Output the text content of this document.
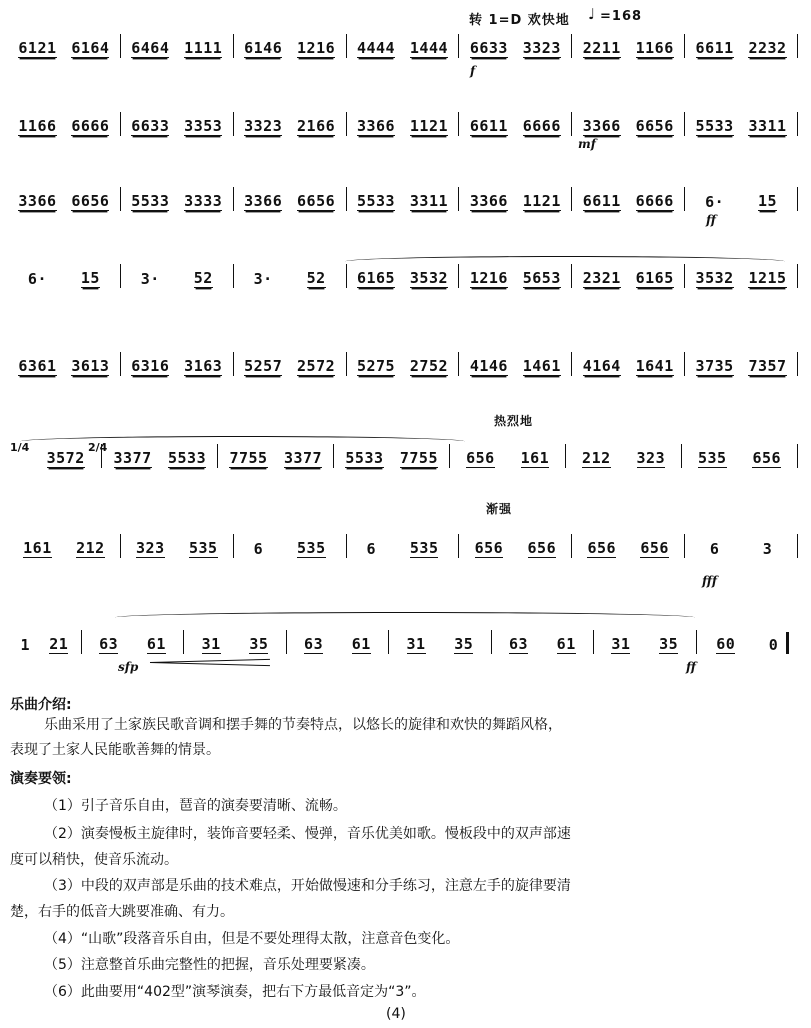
转 1=D 欢快地 ♩ =168
6121 6164 6464 1111 6146 1216 4444 1444 6633 3323 2211 1166 6611 2232
f
1166 6666 6633 3353 3323 2166 3366 1121 6611 6666 3366 6656 5533 3311
mf
3366 6656 5533 3333 3366 6656 5533 3311 3366 1121 6611 6666 6· 15
ff
6· 15	3· 52	3· 52 6165 3532 1216 5653 2321 6165 3532 1215
6361 3613 6316 3163 5257 2572 5275 2752 4146 1461 4164 1641 3735 7357
热烈地
1/4	2/4
3572 3377 5533 7755 3377 5533 7755 656 161 212 323 535 656
渐强
161 212 323 535 6 535	6 535 656 656 656 656	6	3
fff
1 21 63 61 31 35 63 61 31 35 63 61 31 35	60 0
sfp	ff
乐曲介绍:
乐曲采用了土家族民歌音调和摆手舞的节奏特点，以悠长的旋律和欢快的舞蹈风格，
表现了土家人民能歌善舞的情景。
演奏要领:
（1）引子音乐自由，琶音的演奏要清晰、流畅。
（2）演奏慢板主旋律时，装饰音要轻柔、慢弹，音乐优美如歌。慢板段中的双声部速
度可以稍快，使音乐流动。
（3）中段的双声部是乐曲的技术难点，开始做慢速和分手练习，注意左手的旋律要清
楚，右手的低音大跳要准确、有力。
（4）“山歌”段落音乐自由，但是不要处理得太散，注意音色变化。
（5）注意整首乐曲完整性的把握，音乐处理要紧凑。
（6）此曲要用“402型”演琴演奏，把右下方最低音定为“3”。
(4)
